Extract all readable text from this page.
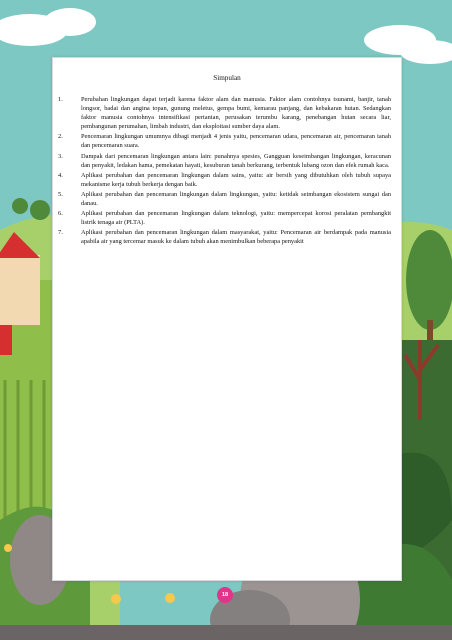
Simpulan
1.	Perubahan lingkungan dapat terjadi karena faktor alam dan manusia. Faktor alam contohnya tsunami, banjir, tanah longsor, badai dan angina topan, gunung meletus, gempa bumi, kemarau panjang, dan kebakaran hutan. Sedangkan faktor manusia contohnya intensifikasi pertanian, perusakan terumbu karang, penebangan hutan secara liar, pembangunan perumahan, limbah industri, dan eksploitasi sumber daya alam.
2.	Pencemaran lingkungan umumnya dibagi menjadi 4 jenis yaitu, pencemaran udara, pencemaran air, pencemaran tanah dan pencemaran suara.
3.	Dampak dari pencemaran lingkungan antara lain: punahnya spesies, Gangguan keseimbangan lingkungan, keracunan dan penyakit, ledakan hama, pemekatan hayati, kesuburan tanah berkurang, terbentuk lubang ozon dan efek rumah kaca.
4.	Aplikasi perubahan dan pencemaran lingkungan dalam sains, yaitu: air bersih yang dibutuhkan oleh tubuh supaya mekanisme kerja tubuh berkerja dengan baik.
5.	Aplikasi perubahan dan pencemaran lingkungan dalam lingkungan, yaitu: ketidak seimbangan ekosistem sungai dan danau.
6.	Aplikasi perubahan dan pencemaran lingkungan dalam teknologi, yaitu: mempercepat korosi peralatan pembangkit listrik tenaga air (PLTA).
7.	Aplikasi perubahan dan pencemaran lingkungan dalam masyarakat, yaitu: Pencemaran air berdampak pada manusia apabila air yang tercemar masuk ke dalam tubuh akan menimbulkan beberapa penyakit
18
